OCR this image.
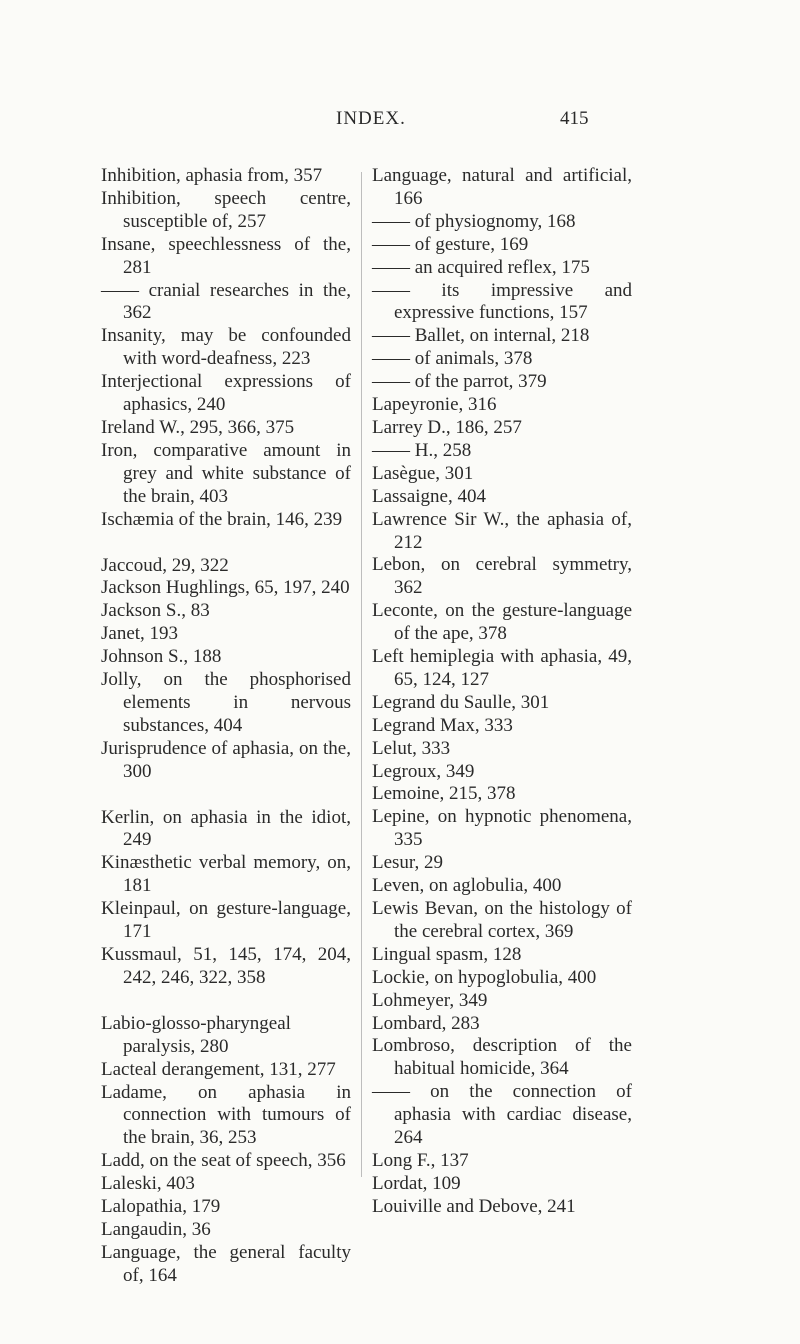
INDEX.	415
Inhibition, aphasia from, 357
Inhibition, speech centre, susceptible of, 257
Insane, speechlessness of the, 281
—— cranial researches in the, 362
Insanity, may be confounded with word-deafness, 223
Interjectional expressions of aphasics, 240
Ireland W., 295, 366, 375
Iron, comparative amount in grey and white substance of the brain, 403
Ischæmia of the brain, 146, 239
Jaccoud, 29, 322
Jackson Hughlings, 65, 197, 240
Jackson S., 83
Janet, 193
Johnson S., 188
Jolly, on the phosphorised elements in nervous substances, 404
Jurisprudence of aphasia, on the, 300
Kerlin, on aphasia in the idiot, 249
Kinæsthetic verbal memory, on, 181
Kleinpaul, on gesture-language, 171
Kussmaul, 51, 145, 174, 204, 242, 246, 322, 358
Labio-glosso-pharyngeal paralysis, 280
Lacteal derangement, 131, 277
Ladame, on aphasia in connection with tumours of the brain, 36, 253
Ladd, on the seat of speech, 356
Laleski, 403
Lalopathia, 179
Langaudin, 36
Language, the general faculty of, 164
Language, natural and artificial, 166
—— of physiognomy, 168
—— of gesture, 169
—— an acquired reflex, 175
—— its impressive and expressive functions, 157
—— Ballet, on internal, 218
—— of animals, 378
—— of the parrot, 379
Lapeyronie, 316
Larrey D., 186, 257
—— H., 258
Lasègue, 301
Lassaigne, 404
Lawrence Sir W., the aphasia of, 212
Lebon, on cerebral symmetry, 362
Leconte, on the gesture-language of the ape, 378
Left hemiplegia with aphasia, 49, 65, 124, 127
Legrand du Saulle, 301
Legrand Max, 333
Lelut, 333
Legroux, 349
Lemoine, 215, 378
Lepine, on hypnotic phenomena, 335
Lesur, 29
Leven, on aglobulia, 400
Lewis Bevan, on the histology of the cerebral cortex, 369
Lingual spasm, 128
Lockie, on hypoglobulia, 400
Lohmeyer, 349
Lombard, 283
Lombroso, description of the habitual homicide, 364
—— on the connection of aphasia with cardiac disease, 264
Long F., 137
Lordat, 109
Louiville and Debove, 241
